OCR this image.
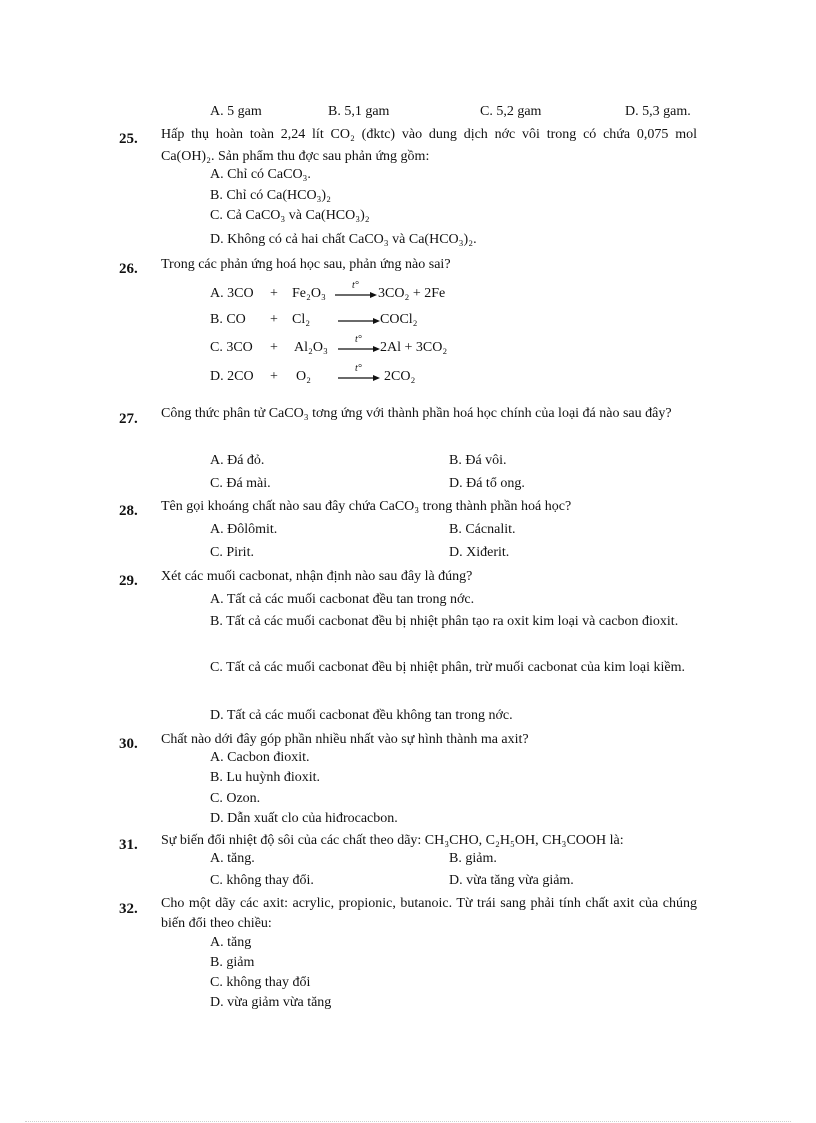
A. 5 gam	B. 5,1 gam	C. 5,2 gam	D. 5,3 gam.
25. Hấp thụ hoàn toàn 2,24 lít CO₂ (đktc) vào dung dịch nớc vôi trong có chứa 0,075 mol Ca(OH)₂. Sản phẩm thu đợc sau phản ứng gồm:
A. Chỉ có CaCO₃.
B. Chỉ có Ca(HCO₃)₂
C. Cả CaCO₃ và Ca(HCO₃)₂
D. Không có cả hai chất CaCO₃ và Ca(HCO₃)₂.
26. Trong các phản ứng hoá học sau, phản ứng nào sai?
A. 3CO + Fe₂O₃ →
t°
3CO₂ + 2Fe
B. CO + Cl₂ → COCl₂
C. 3CO + Al₂O₃ →
t°
2Al + 3CO₂
D. 2CO + O₂
t°
2CO₂
27. Công thức phân tử CaCO₃ tơng ứng với thành phần hoá học chính của loại đá nào sau đây?
A. Đá đỏ.	B. Đá vôi.
C. Đá mài.	D. Đá tổ ong.
28. Tên gọi khoáng chất nào sau đây chứa CaCO₃ trong thành phần hoá học?
A. Đôlômit.	B. Cácnalit.
C. Pirit.	D. Xiđerit.
29. Xét các muối cacbonat, nhận định nào sau đây là đúng?
A. Tất cả các muối cacbonat đều tan trong nớc.
B. Tất cả các muối cacbonat đều bị nhiệt phân tạo ra oxit kim loại và cacbon đioxit.
C. Tất cả các muối cacbonat đều bị nhiệt phân, trừ muối cacbonat của kim loại kiềm.
D. Tất cả các muối cacbonat đều không tan trong nớc.
30. Chất nào dới đây góp phần nhiều nhất vào sự hình thành ma axit?
A. Cacbon đioxit.
B. Lu huỳnh đioxit.
C. Ozon.
D. Dẫn xuất clo của hiđrocacbon.
31. Sự biến đổi nhiệt độ sôi của các chất theo dãy: CH₃CHO, C₂H₅OH, CH₃COOH là:
A. tăng.	B. giảm.
C. không thay đổi.	D. vừa tăng vừa giảm.
32. Cho một dãy các axit: acrylic, propionic, butanoic. Từ trái sang phải tính chất axit của chúng biến đổi theo chiều:
A. tăng
B. giảm
C. không thay đổi
D. vừa giảm vừa tăng
